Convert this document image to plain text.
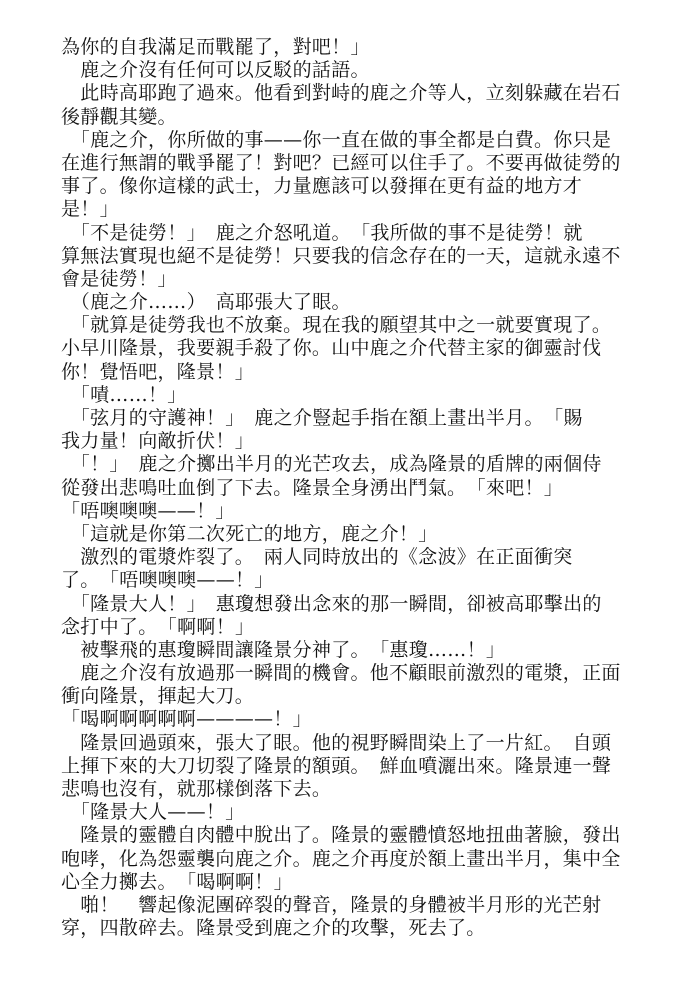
為你的自我滿足而戰罷了，對吧！」
　鹿之介沒有任何可以反駁的話語。
　此時高耶跑了過來。他看到對峙的鹿之介等人，立刻躲藏在岩石
後靜觀其變。
　「鹿之介，你所做的事——你一直在做的事全都是白費。你只是
在進行無謂的戰爭罷了！對吧？已經可以住手了。不要再做徒勞的
事了。像你這樣的武士，力量應該可以發揮在更有益的地方才
是！」
　「不是徒勞！」　鹿之介怒吼道。　「我所做的事不是徒勞！就
算無法實現也絕不是徒勞！只要我的信念存在的一天，這就永遠不
會是徒勞！」
　（鹿之介……）　高耶張大了眼。
　「就算是徒勞我也不放棄。現在我的願望其中之一就要實現了。
小早川隆景，我要親手殺了你。山中鹿之介代替主家的御靈討伐
你！覺悟吧，隆景！」
　「嘖……！」
　「弦月的守護神！」　鹿之介豎起手指在額上畫出半月。　「賜
我力量！向敵折伏！」
　「！」　鹿之介擲出半月的光芒攻去，成為隆景的盾牌的兩個侍
從發出悲鳴吐血倒了下去。隆景全身湧出鬥氣。　「來吧！」
「唔噢噢噢——！」
　「這就是你第二次死亡的地方，鹿之介！」
　激烈的電漿炸裂了。　兩人同時放出的《念波》在正面衝突
了。　「唔噢噢噢——！」
　「隆景大人！」　惠瓊想發出念來的那一瞬間，卻被高耶擊出的
念打中了。　「啊啊！」
　被擊飛的惠瓊瞬間讓隆景分神了。　「惠瓊……！」
　鹿之介沒有放過那一瞬間的機會。他不顧眼前激烈的電漿，正面
衝向隆景，揮起大刀。
「喝啊啊啊啊啊————！」
　隆景回過頭來，張大了眼。他的視野瞬間染上了一片紅。　自頭
上揮下來的大刀切裂了隆景的額頭。　鮮血噴灑出來。隆景連一聲
悲鳴也沒有，就那樣倒落下去。
　「隆景大人——！」
　隆景的靈體自肉體中脫出了。隆景的靈體憤怒地扭曲著臉，發出
咆哮，化為怨靈襲向鹿之介。鹿之介再度於額上畫出半月，集中全
心全力擲去。　「喝啊啊！」
　啪！　響起像泥團碎裂的聲音，隆景的身體被半月形的光芒射
穿，四散碎去。隆景受到鹿之介的攻擊，死去了。
